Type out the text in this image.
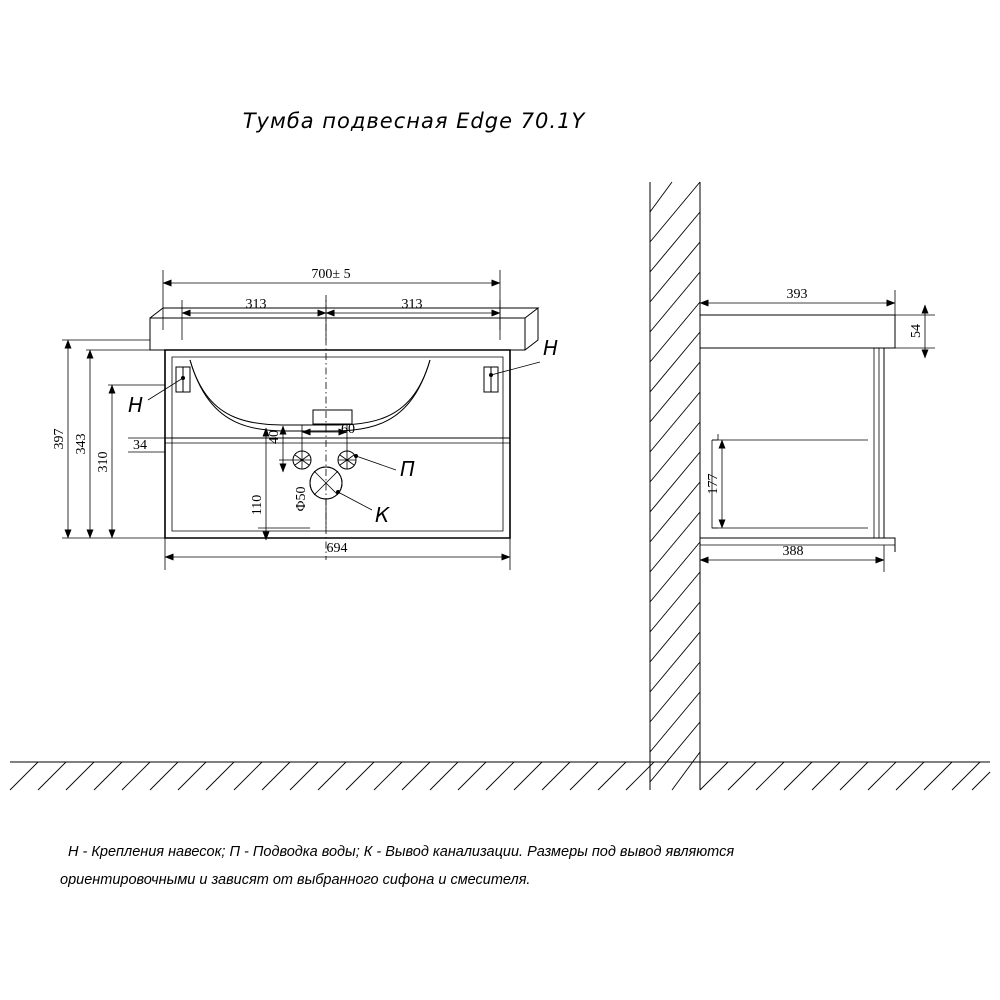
700± 5
313	313
694
397 343
310
34
40	60
110 Ф50
Н
Н
П
К
393
54
177
388
Тумба подвесная Edge 70.1Y
Н - Крепления навесок; П - Подводка воды; К - Вывод канализации. Размеры под вывод являются
ориентировочными и зависят от выбранного сифона и смесителя.
